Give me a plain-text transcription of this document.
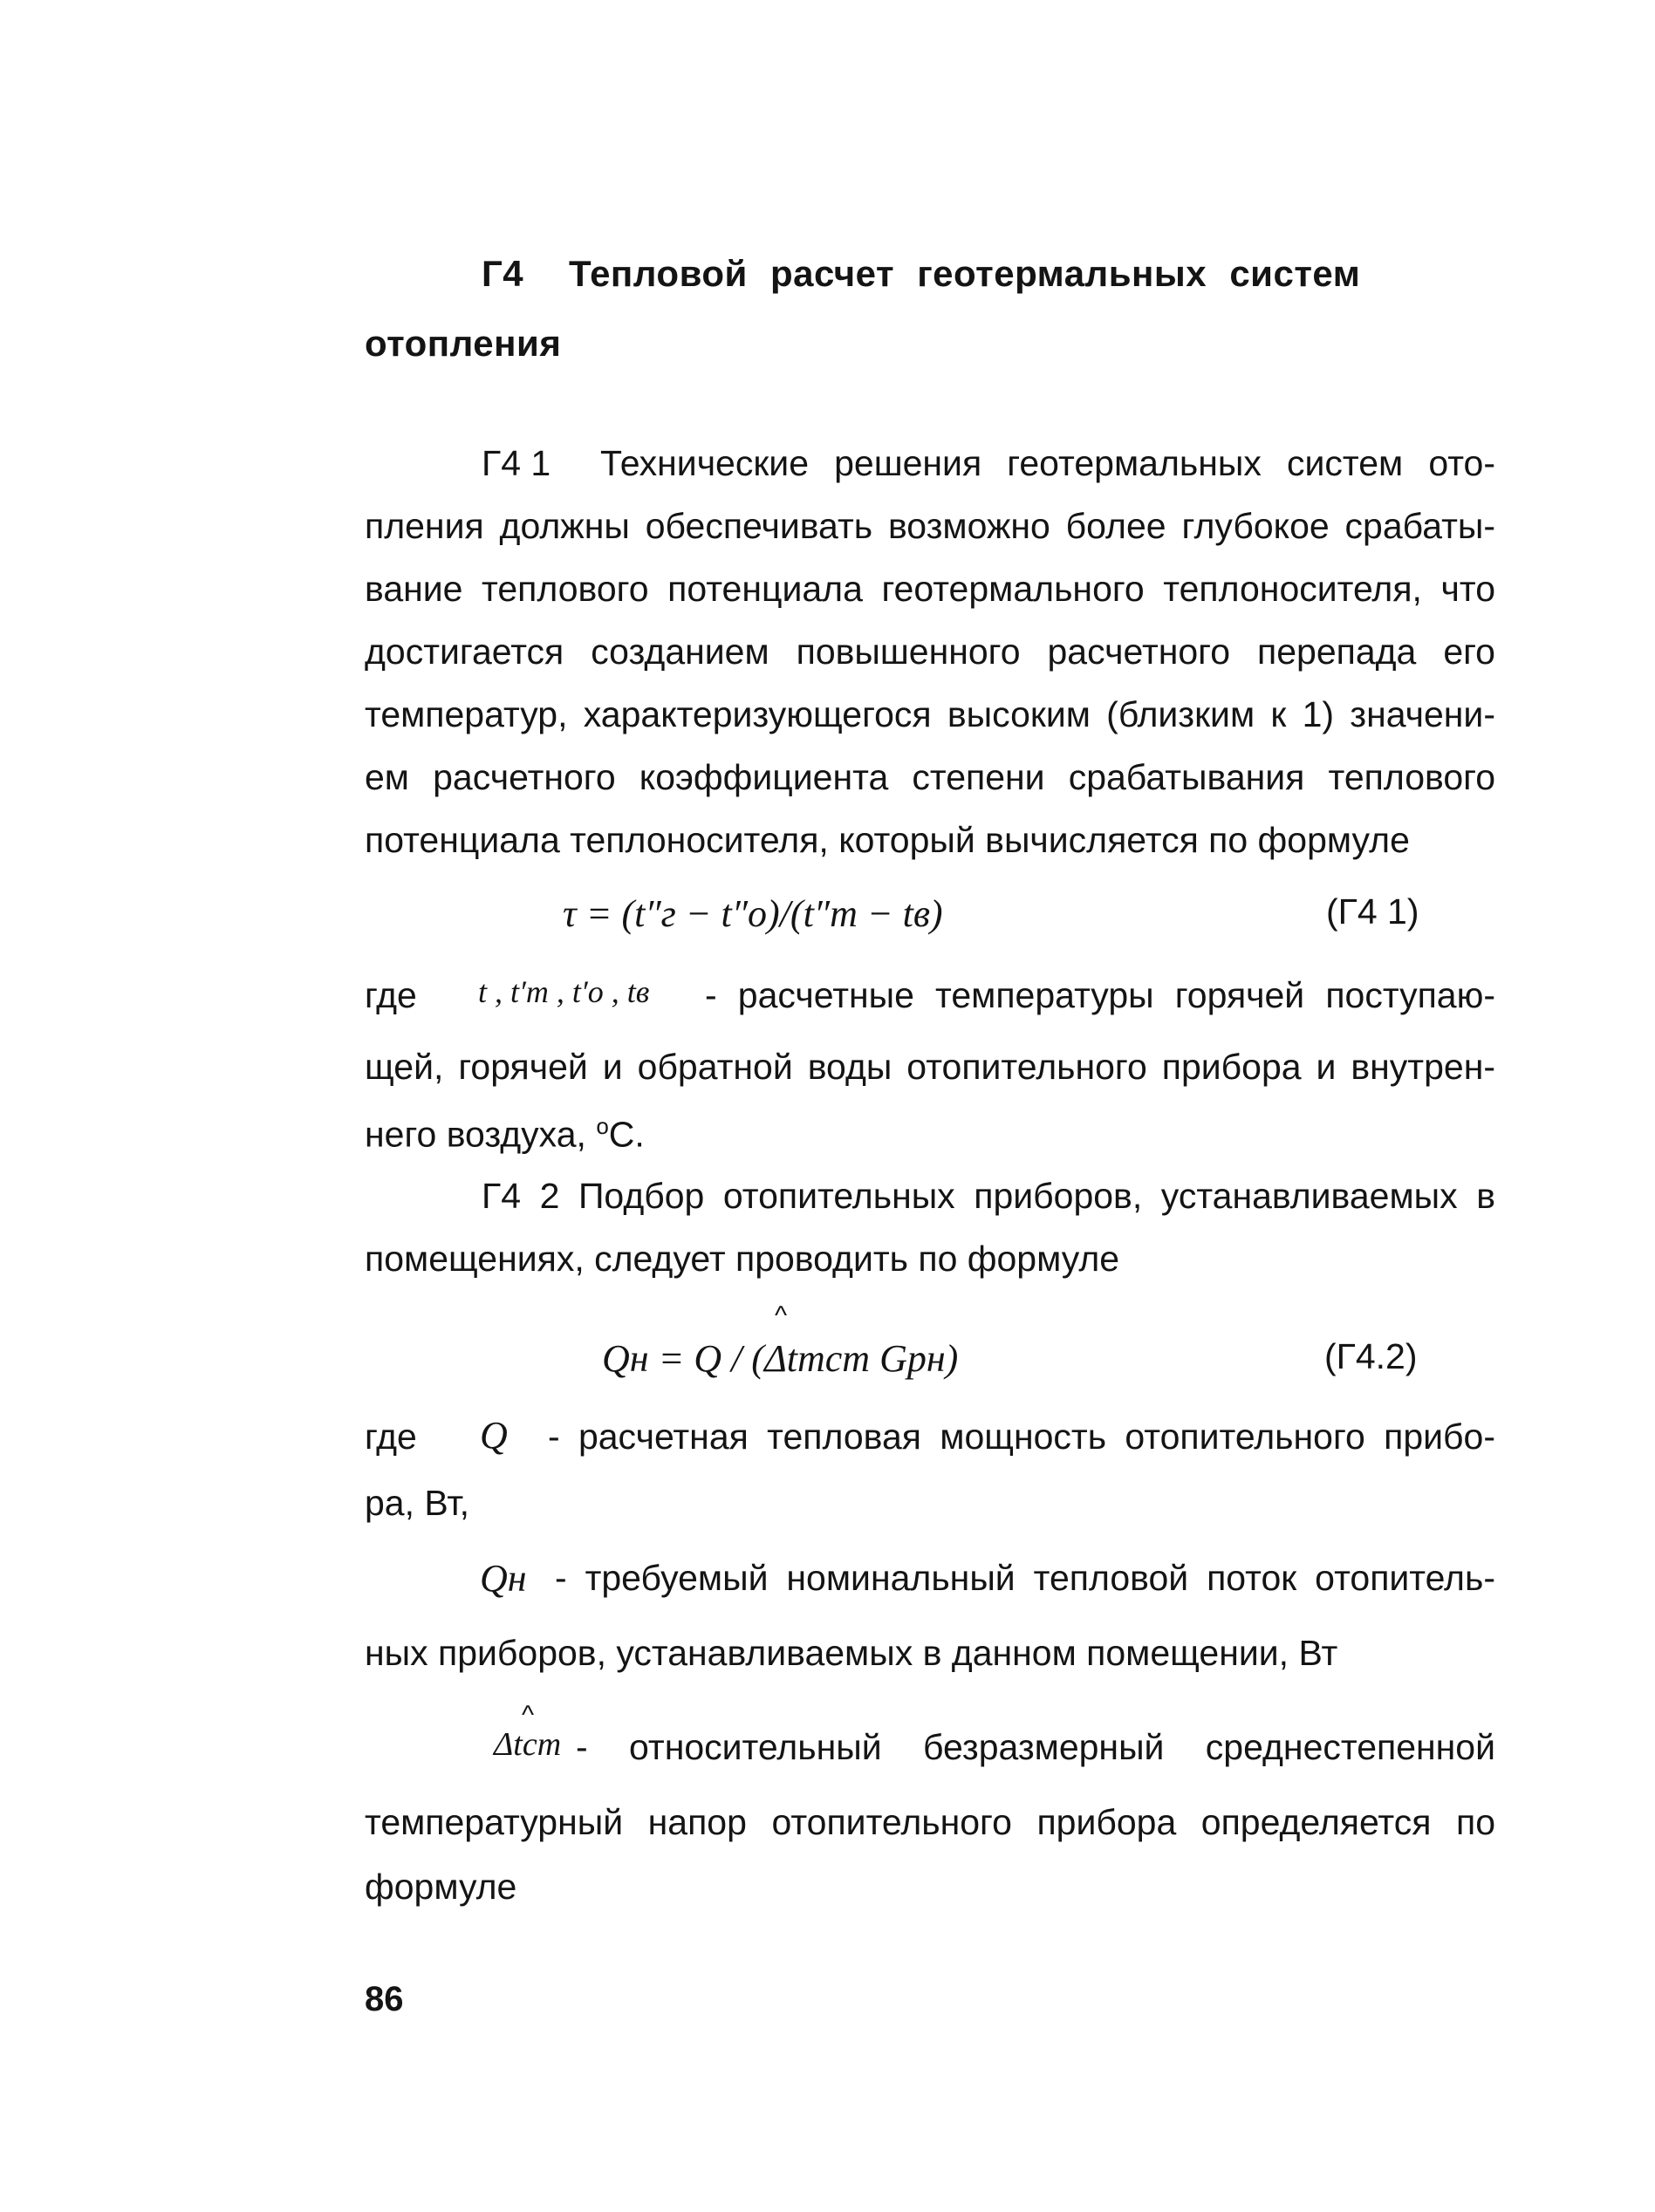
Г4 Тепловой расчет геотермальных систем
отопления
Г4 1 Технические решения геотермальных систем ото-
пления должны обеспечивать возможно более глубокое срабаты-
вание теплового потенциала геотермального теплоносителя, что
достигается созданием повышенного расчетного перепада его
температур, характеризующегося высоким (близким к 1) значени-
ем расчетного коэффициента степени срабатывания теплового
потенциала теплоносителя, который вычисляется по формуле
τ = (t″г − t″о)/(t″т − tв)	(Г4 1)
где t , t′т , t′о , tв - расчетные температуры горячей поступаю-
щей, горячей и обратной воды отопительного прибора и внутрен-
него воздуха, $^o$С.
Г4 2 Подбор отопительных приборов, устанавливаемых в
помещениях, следует проводить по формуле
^
Qн = Q / (Δtmст Gpн)	(Г4.2)
где Q - расчетная тепловая мощность отопительного прибо-
ра, Вт,
Qн - требуемый номинальный тепловой поток отопитель-
ных приборов, устанавливаемых в данном помещении, Вт
^
Δtст - относительный безразмерный среднестепенной
температурный напор отопительного прибора определяется по
формуле
86
